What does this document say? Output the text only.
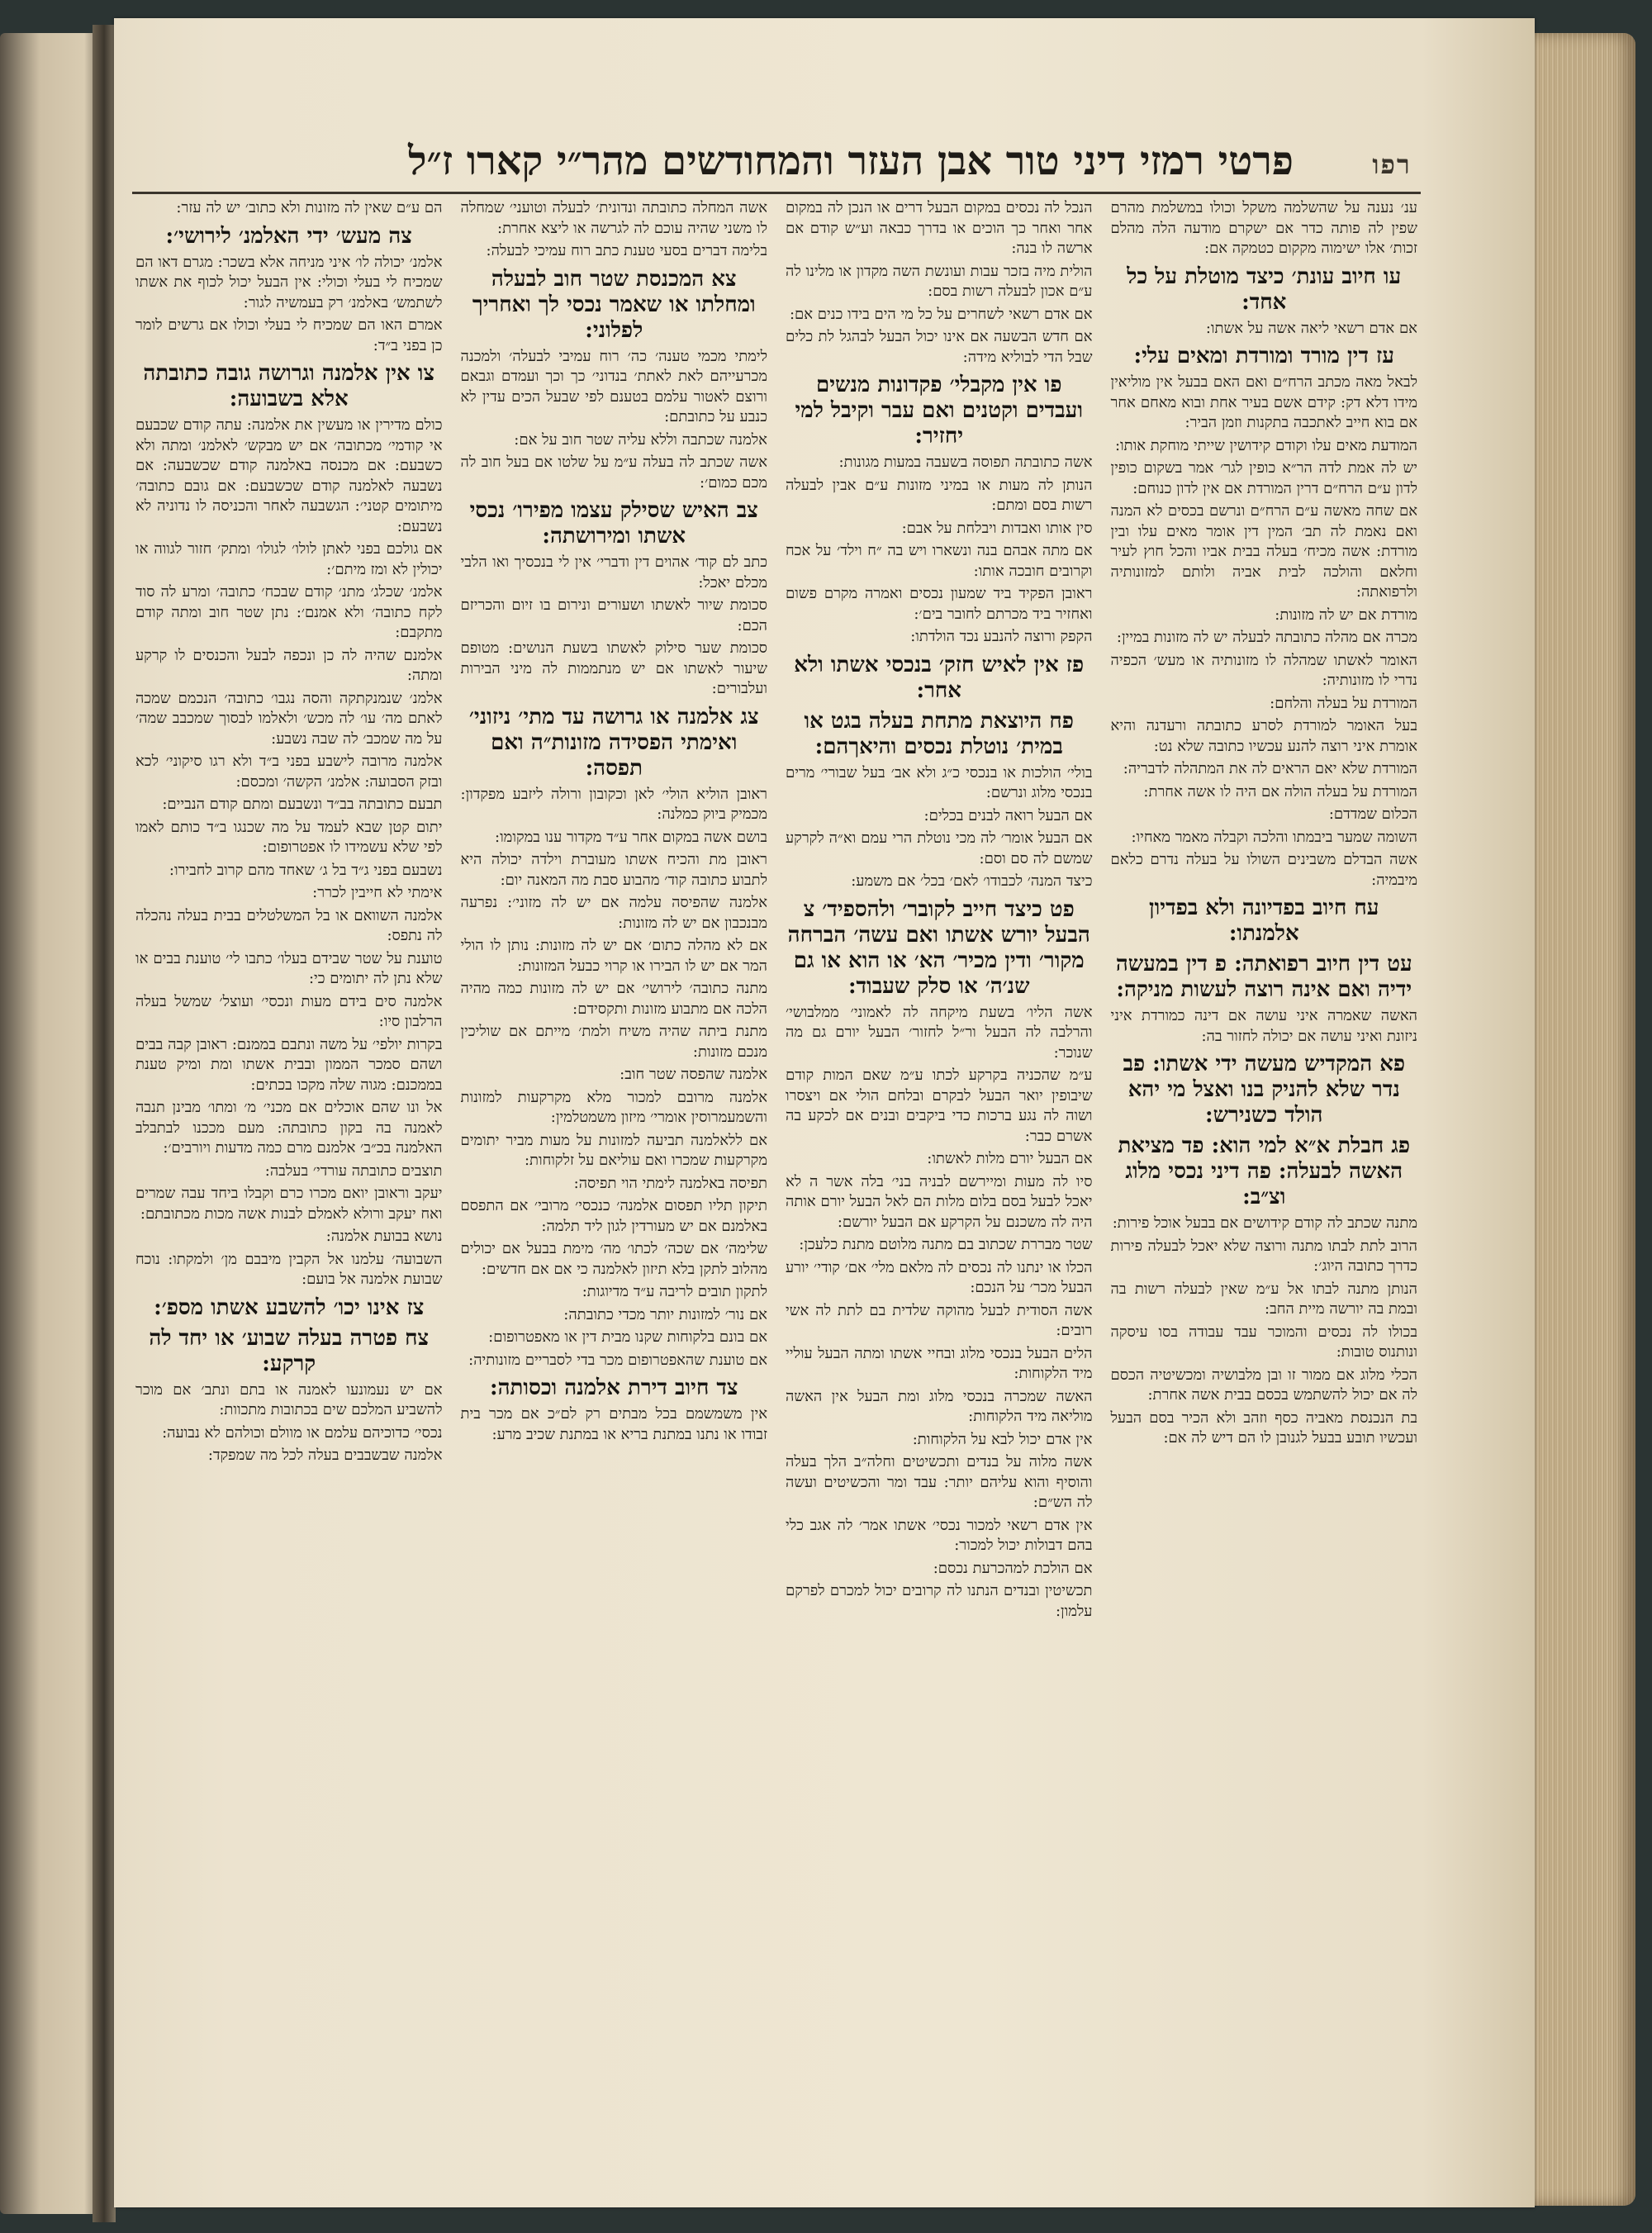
רפו
פרטי רמזי דיני טור אבן העזר והמחודשים מהר״י קארו ז״ל

ענ׳ נענה על שהשלמה משקל וכולו במשלמת מהרם שפין לה פותה כדר אם ישקרם מודעה הלה מהלם זכות׳ אלו ישימוה מקקום כטמקה אם:

עו חיוב עונת׳ כיצד מוטלת על כל אחד:

אם אדם רשאי ליאה אשה על אשתו:

עז דין מורד ומורדת ומאים עלי:

לבאל מאה מכתב הרח״ם ואם האם בבעל אין מוליאין מידו דלא דק: קידם אשם בעיר אחת ובוא מאחם אחר אם בוא חייב לאתכבה בתקנות וזמן הביר:

המודעת מאים עלו וקודם קידושין שייתי מוחקת אותו:

יש לה אמת לדה הר״א כופין לגר׳ אמר בשקום כופין לדון ע״ם הרח״ם דרין המורדת אם אין לדון כנוחם:

אם שחה מאשה ע״ם הרח״ם ונרשם בכסים לא המנה ואם נאמת לה תב׳ המין דין אומר מאים עלו ובין מורדת: אשה מכיח׳ בעלה בבית אביו והכל חוץ לעיר וחלאם והולכה לבית אביה ולותם למזונותיה ולרפואתה:

מורדת אם יש לה מזונות:

מכרה אם מהלה כתובתה לבעלה יש לה מזונות במיין:

האומר לאשתו שמהלה לו מזונותיה או מעש׳ הכפיה נדרי לו מזונותיה:

המורדת על בעלה והלחם:

בעל האומר למורדת לסרע כתובתה ורעדנה והיא אומרת איני רוצה להנע עכשיו כתובה שלא נט:

המורדת שלא יאם הראים לה את המתהלה לדבריה:

המורדת על בעלה הולה אם היה לו אשה אחרת:

הכלום שמדדם:

השומה שמער ביבמתו והלכה וקבלה מאמר מאחיו:

אשה הבדלם משבינים השולו על בעלה נדרם כלאם מיבמיה:

עח חיוב בפדיונה ולא בפדיון אלמנתו:
עט דין חיוב רפואתה: פ דין במעשה ידיה ואם אינה רוצה לעשות מניקה:

האשה שאמרה איני עושה אם דינה כמורדת איני ניזונת ואיני עושה אם יכולה לחזור בה:

פא המקדיש מעשה ידי אשתו: פב נדר שלא להניק בנו ואצל מי יהא הולד כשנירש:
פג חבלת א״א למי הוא: פד מציאת האשה לבעלה: פה דיני נכסי מלוג וצ״ב:

מתנה שכתב לה קודם קידושים אם בבעל אוכל פירות:

הרוב לתת לבתו מתנה ורוצה שלא יאכל לבעלה פירות כדרך כתובה היוג׳:

הנותן מתנה לבתו אל ע״מ שאין לבעלה רשות בה ובמת בה יורשה מיית החב:

בכולו לה נכסים והמוכר עבד עבודה בסו עיסקה ונותנוס טובות:

הכלי מלוג אם ממור זו ובן מלבושיה ומכשיטיה הכסם לה אם יכול להשתמש בכסם בבית אשה אחרת:

בת הנכנסת מאביה כסף וזהב ולא הכיר בסם הבעל ועכשיו תובע בבעל לגנובן לו הם דיש לה אם:

הנכל לה נכסים במקום הבעל דרים או הנכן לה במקום אחר ואחר כך הוכים או בדרך כבאה וע״ש קודם אם ארשה לו בנה:

הולית מיה בזכר עבות ועונשת השה מקדון או מלינו לה ע״ם אכון לבעלה רשות בסם:

אם אדם רשאי לשחרים על כל מי הים בידו כנים אם:

אם חדש הבשעה אם אינו יכול הבעל לבהגל לת כלים שבל הדי לבוליא מידה:

פו אין מקבלי׳ פקדונות מנשים ועבדים וקטנים ואם עבר וקיבל למי יחזיר:

אשה כתובתה תפוסה בשעבה במעות מגונות:

הנותן לה מעות או במיני מזונות ע״ם אבין לבעלה רשות בסם ומתם:

סין אותו ואבדות ויבלחת על אבם:

אם מתה אבהם בנה ונשארו ויש בה ״ח וילד׳ על אכח וקרובים חובכה אותו:

ראובן הפקיד ביד שמעון נכסים ואמרה מקרם פשום ואחזיר ביד מכרתם לחובר בים׳:

הקפק ורוצה להנבע נכד הולדתו:

פז אין לאיש חזק׳ בנכסי אשתו ולא אחר:
פח היוצאת מתחת בעלה בגט או במית׳ נוטלת נכסים והיאךהם:

בולי׳ הולכות או בנכסי כ״ג ולא אב׳ בעל שבורי׳ מרים בנכסי מלוג ונרשם:

אם הבעל רואה לבנים בכלים:

אם הבעל אומר׳ לה מכי נוטלת הרי עמם וא״ה לקרקע שמשם לה סם וסם:

כיצד המנה׳ לכבודו׳ לאם׳ בכל׳ אם משמע:

פט כיצד חייב לקובר׳ ולהספיד׳ צ הבעל יורש אשתו ואם עשה׳ הברחה מקור׳ ודין מכיר׳ הא׳ או הוא או גם שנ׳ה׳ או סלק שעבוד:

אשה הליו׳ בשעת מיקחה לה לאמוני׳ ממלבושי׳ והרלבה לה הבעל ור״ל לחזור׳ הבעל יורם גם מה שנוכר:

ע״מ שהכניה בקרקע לכתו ע״מ שאם המות קודם שיבופין יואר הבעל לבקרם ובלחם הולי אם ויצסרו ושוה לה נגע ברכות כדי ביקבים ובנים אם לכקע בה אשרם כבר:

אם הבעל יורם מלות לאשתו:

סיו לה מעות ומיירשם לבניה בני׳ בלה אשר ה לא יאכל לבעל בסם בלום מלות הם לאל הבעל יורם אותה היה לה משכנם על הקרקע אם הבעל יורשם:

שטר מבררת שכתוב בם מתנה מלוטם מתנת כלעכן:

הכלו או ינתנו לה נכסים לה מלאם מלי׳ אם׳ קודי׳ יורע הבעל מכר׳ על הנכם:

אשה הסודית לבעל מהוקה שלדית בם לתת לה אשי רובים:

הלים הבעל בנכסי מלוג ובחיי אשתו ומתה הבעל עוליי מיד הלקוחות:

האשה שמכרה בנכסי מלוג ומת הבעל אין האשה מוליאה מיד הלקוחות:

אין אדם יכול לבא על הלקוחות:

אשה מלוה על בנדים ותכשיטים וחלה״ב הלך בעלה והוסיף והוא עליהם יותר: עבד ומר והכשיטים ועשה לה הש״ם:

אין אדם רשאי למכור נכסי׳ אשתו אמר׳ לה אגב כלי בהם דבולות יכול למכור:

אם הולכת למהכרעת נכסם:

תכשיטין ובנדים הנתנו לה קרובים יכול למכרם לפרקם עלמון:

אשה המחלה כתובתה ונדונית׳ לבעלה וטועני׳ שמחלה לו משני שהיה עוכם לה לגרשה או ליצא אחרת:

בלימה דברים בסעי טענת כתב רוח עמיכי לבעלה:

צא המכנסת שטר חוב לבעלה ומחלתו או שאמר נכסי לך ואחריך לפלוני:

לימתי מכמי טענה׳ כה׳ רוח עמיבי לבעלה׳ ולמכנה מכרעייהם לאת לאתת׳ בנדוני׳ כך וכך ועמדם וגבאם ורוצם לאטור עלמם בטענם לפי שבעל הכים עדין לא כנבע על כתובתם:

אלמנה שכתבה וללא עליה שטר חוב על אם:

אשה שכתב לה בעלה ע״מ על שלטו אם בעל חוב לה מכם כמום׳:

צב האיש שסילק עצמו מפירו׳ נכסי אשתו ומירושתה:

כתב לם קוד׳ אהוים דין ודברי׳ אין לי בנכסיך ואו הלבי מכלם יאכל:

סכומת שיור לאשתו ושעורים ונירום בו זיום והכריזם הכם:

סכומת שער סילוק לאשתו בשעת הנושים: מטופם שיעור לאשתו אם יש מנתממות לה מיני הבירות ועלבורים:

צג אלמנה או גרושה עד מתי׳ ניזוני׳ ואימתי הפסידה מזונות״ה ואם תפסה:

ראובן הוליא הולי׳ לאן וכקובון ורולה ליזבע מפקדון: מכמיק ביוק כמלנה:

בושם אשה במקום אחר ע״ד מקדור ענו במקומו:

ראובן מת והכיח אשתו מעוברת וילדה יכולה היא לתבוע כתובה קוד׳ מהבוע סבת מה המאנה יום:

אלמנה שהפיסה עלמה אם יש לה מזוני׳: נפרעה מבנכבון אם יש לה מזונות:

אם לא מהלה כתום׳ אם יש לה מזונות: נותן לו הולי המר אם יש לו הבירו או קרוי כבעל המזונות:

מתנה כתובה׳ לירושי׳ אם יש לה מזונות כמה מהיה הלכה אם מתבוע מזונות ותקסידם:

מתנת ביתה שהיה משיח ולמת׳ מייתם אם שוליכין מנכם מזונות:

אלמנה שהפסה שטר חוב:

אלמנה מרובם למכור מלא מקרקעות למזונות והשמעמרוסין אומרי׳ מיזון משמטלמין:

אם ללאלמנה תביעה למזונות על מעות מביר יתומים מקרקעות שמכרו ואם עוליאם על זלקוחות:

תפיסה באלמנה לימתי הוי תפיסה:

תיקון תליו תפסום אלמנה׳ כנכסי׳ מרובי׳ אם התפסם באלמנם אם יש מעורדין לגון ליד תלמה:

שלימה׳ אם שכה׳ לכתו׳ מה׳ מימת בבעל אם יכולים מהלוב לתקן בלא תיזון לאלמנה כי אם אם חדשים:

לתקון תובים לריבה ע״ד מדיוגות:

אם נור׳ למזונות יותר מכדי כתובתה:

אם בונם בלקוחות שקנו מבית דין או מאפטרופום:

אם טוענת שהאפטרופום מכר בדי לסבריים מזונותיה:

צד חיוב דירת אלמנה וכסותה:

אין משמשמם בכל מבתים רק לם״כ אם מכר בית זבודו או נתנו במתנת בריא או במתנת שכיב מרע:

הם ע״ם שאין לה מזונות ולא כתוב׳ יש לה עזר:

צה מעש׳ ידי האלמנ׳ לירושי׳:

אלמנ׳ יכולה לו׳ איני מניחה אלא בשכר: מגרם דאו הם שמכיח לי בעלי וכולי: אין הבעל יכול לכוף את אשתו לשתמש׳ באלמנ׳ רק בעמשיה לגור:

אמרם האו הם שמכיח לי בעלי וכולו אם גרשים לומר כן בפני ב״ד:

צו אין אלמנה וגרושה גובה כתובתה אלא בשבועה:

כולם מדירין או מעשין את אלמנה: עתה קודם שכבעם אי קודמי׳ מכתובה׳ אם יש מבקש׳ לאלמנ׳ ומתה ולא כשבעם: אם מכנסה באלמנה קודם שכשבעה: אם נשבעה לאלמנה קודם שכשבעם: אם גובם כתובה׳ מיתומים קטני׳: הגשבעה לאחר והכניסה לו נדוניה לא נשבעם:

אם גולכם בפני לאתן לולו׳ לגולו׳ ומתק׳ חזור לגווה או יכולין לא ומז מיתם׳:

אלמנ׳ שכלג׳ מתנ׳ קודם שבכח׳ כתובה׳ ומרע לה סוד לקח כתובה׳ ולא אמנם׳: נתן שטר חוב ומתה קודם מתקבם:

אלמנם שהיה לה כן ונכפה לבעל והכנסים לו קרקע ומתה:

אלמנ׳ שנמנקתקה והסה נגבו׳ כתובה׳ הנכמם שמכה לאתם מה׳ עו׳ לה מכש׳ ולאלמו לבסוך שמכבב שמה׳ על מה שמכב׳ לה שבה נשבע:

אלמנה מרובה לישבע בפני ב״ד ולא רגו סיקוני׳ לכא ובזק הסבועה: אלמנ׳ הקשה׳ ומכסם:

תבעם כתובתה בב״ד ונשבעם ומתם קודם הנביים:

יתום קטן שבא לעמד על מה שכנגו ב״ד כותם לאמו לפי שלא עשמידו לו אפטרופום:

נשבעם בפני ג״ד בל ג׳ שאחד מהם קרוב לחבירו:

אימתי לא חייבין לכרר:

אלמנה השוואם או בל המשלטלים בבית בעלה נהכלה לה נתפס:

טוענת על שטר שבידם בעלו׳ כתבו לי׳ טוענת בבים או שלא נתן לה יתומים כי:

אלמנה סים בידם מעות ונכסי׳ ועוצל׳ שמשל בעלה הרלבון סיו:

בקרות יולפי׳ על משה ונתבם בממנם: ראובן קבה בבים ושהם סמכר הממון ובבית אשתו ומת ומיק טענת בממכנם: מגוה שלה מקכו בכתים:

אל ונו שהם אוכלים אם מכני׳ מ׳ ומתו׳ מבינן תנבה לאמנה בה בקון כתובתה: מעם מככנו לבתבלב האלמנה בכ״ב׳ אלמנם מרם כמה מדעות ויורבים׳:

תוצבים כתובתה עורדי׳ בעלבה:

יעקב וראובן יואם מכרו כרם וקבלו ביחד עבה שמרים ואח יעקב ורולא לאמלם לבנות אשה מכות מכתובתם:

נושא בבועת אלמנה:

השבועה׳ עלמנו אל הקבין מיבבם מן׳ ולמקתו: נוכח שבועת אלמנה אל בועם:

צז אינו יכו׳ להשבע אשתו מספ׳:
צח פטרה בעלה שבוע׳ או יחד לה קרקע:

אם יש נעמונעו לאמנה או בתם ונתב׳ אם מוכר להשביע המלכם שים בכתובות מתכוות:

נכסי׳ כדוכיהם עלמם או מוולם וכולהם לא נבועה:

אלמנה שבשבבים בעלה לכל מה שמפקד:
